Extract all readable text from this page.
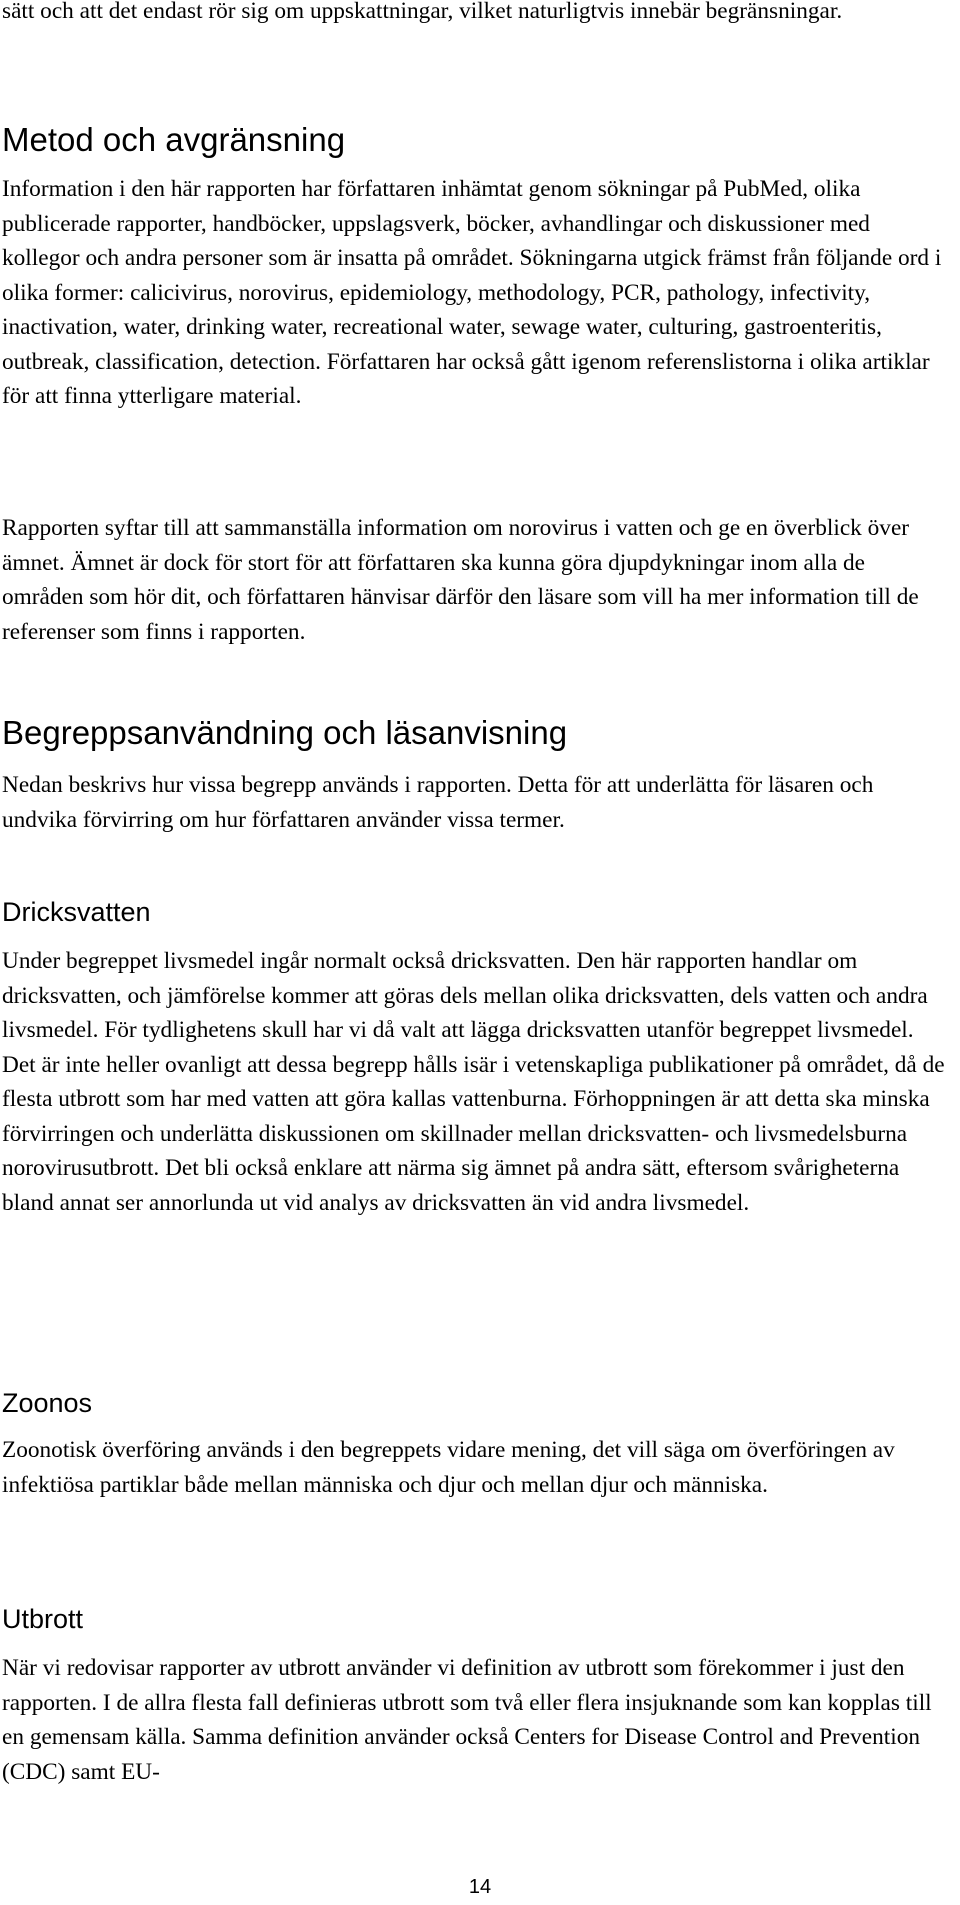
sätt och att det endast rör sig om uppskattningar, vilket naturligtvis innebär begränsningar.

Metod och avgränsning

Information i den här rapporten har författaren inhämtat genom sökningar på PubMed, olika publicerade rapporter, handböcker, uppslagsverk, böcker, avhandlingar och diskussioner med kollegor och andra personer som är insatta på området. Sökningarna utgick främst från följande ord i olika former: calicivirus, norovirus, epidemiology, methodology, PCR, pathology, infectivity, inactivation, water, drinking water, recreational water, sewage water, culturing, gastroenteritis, outbreak, classification, detection. Författaren har också gått igenom referenslistorna i olika artiklar för att finna ytterligare material.

Rapporten syftar till att sammanställa information om norovirus i vatten och ge en överblick över ämnet. Ämnet är dock för stort för att författaren ska kunna göra djupdykningar inom alla de områden som hör dit, och författaren hänvisar därför den läsare som vill ha mer information till de referenser som finns i rapporten.

Begreppsanvändning och läsanvisning

Nedan beskrivs hur vissa begrepp används i rapporten. Detta för att underlätta för läsaren och undvika förvirring om hur författaren använder vissa termer.

Dricksvatten

Under begreppet livsmedel ingår normalt också dricksvatten. Den här rapporten handlar om dricksvatten, och jämförelse kommer att göras dels mellan olika dricksvatten, dels vatten och andra livsmedel. För tydlighetens skull har vi då valt att lägga dricksvatten utanför begreppet livsmedel. Det är inte heller ovanligt att dessa begrepp hålls isär i vetenskapliga publikationer på området, då de flesta utbrott som har med vatten att göra kallas vattenburna. Förhoppningen är att detta ska minska förvirringen och underlätta diskussionen om skillnader mellan dricksvatten- och livsmedelsburna norovirusutbrott. Det bli också enklare att närma sig ämnet på andra sätt, eftersom svårigheterna bland annat ser annorlunda ut vid analys av dricksvatten än vid andra livsmedel.

Zoonos

Zoonotisk överföring används i den begreppets vidare mening, det vill säga om överföringen av infektiösa partiklar både mellan människa och djur och mellan djur och människa.

Utbrott

När vi redovisar rapporter av utbrott använder vi definition av utbrott som förekommer i just den rapporten. I de allra flesta fall definieras utbrott som två eller flera insjuknande som kan kopplas till en gemensam källa. Samma definition använder också Centers for Disease Control and Prevention (CDC) samt EU-

14
